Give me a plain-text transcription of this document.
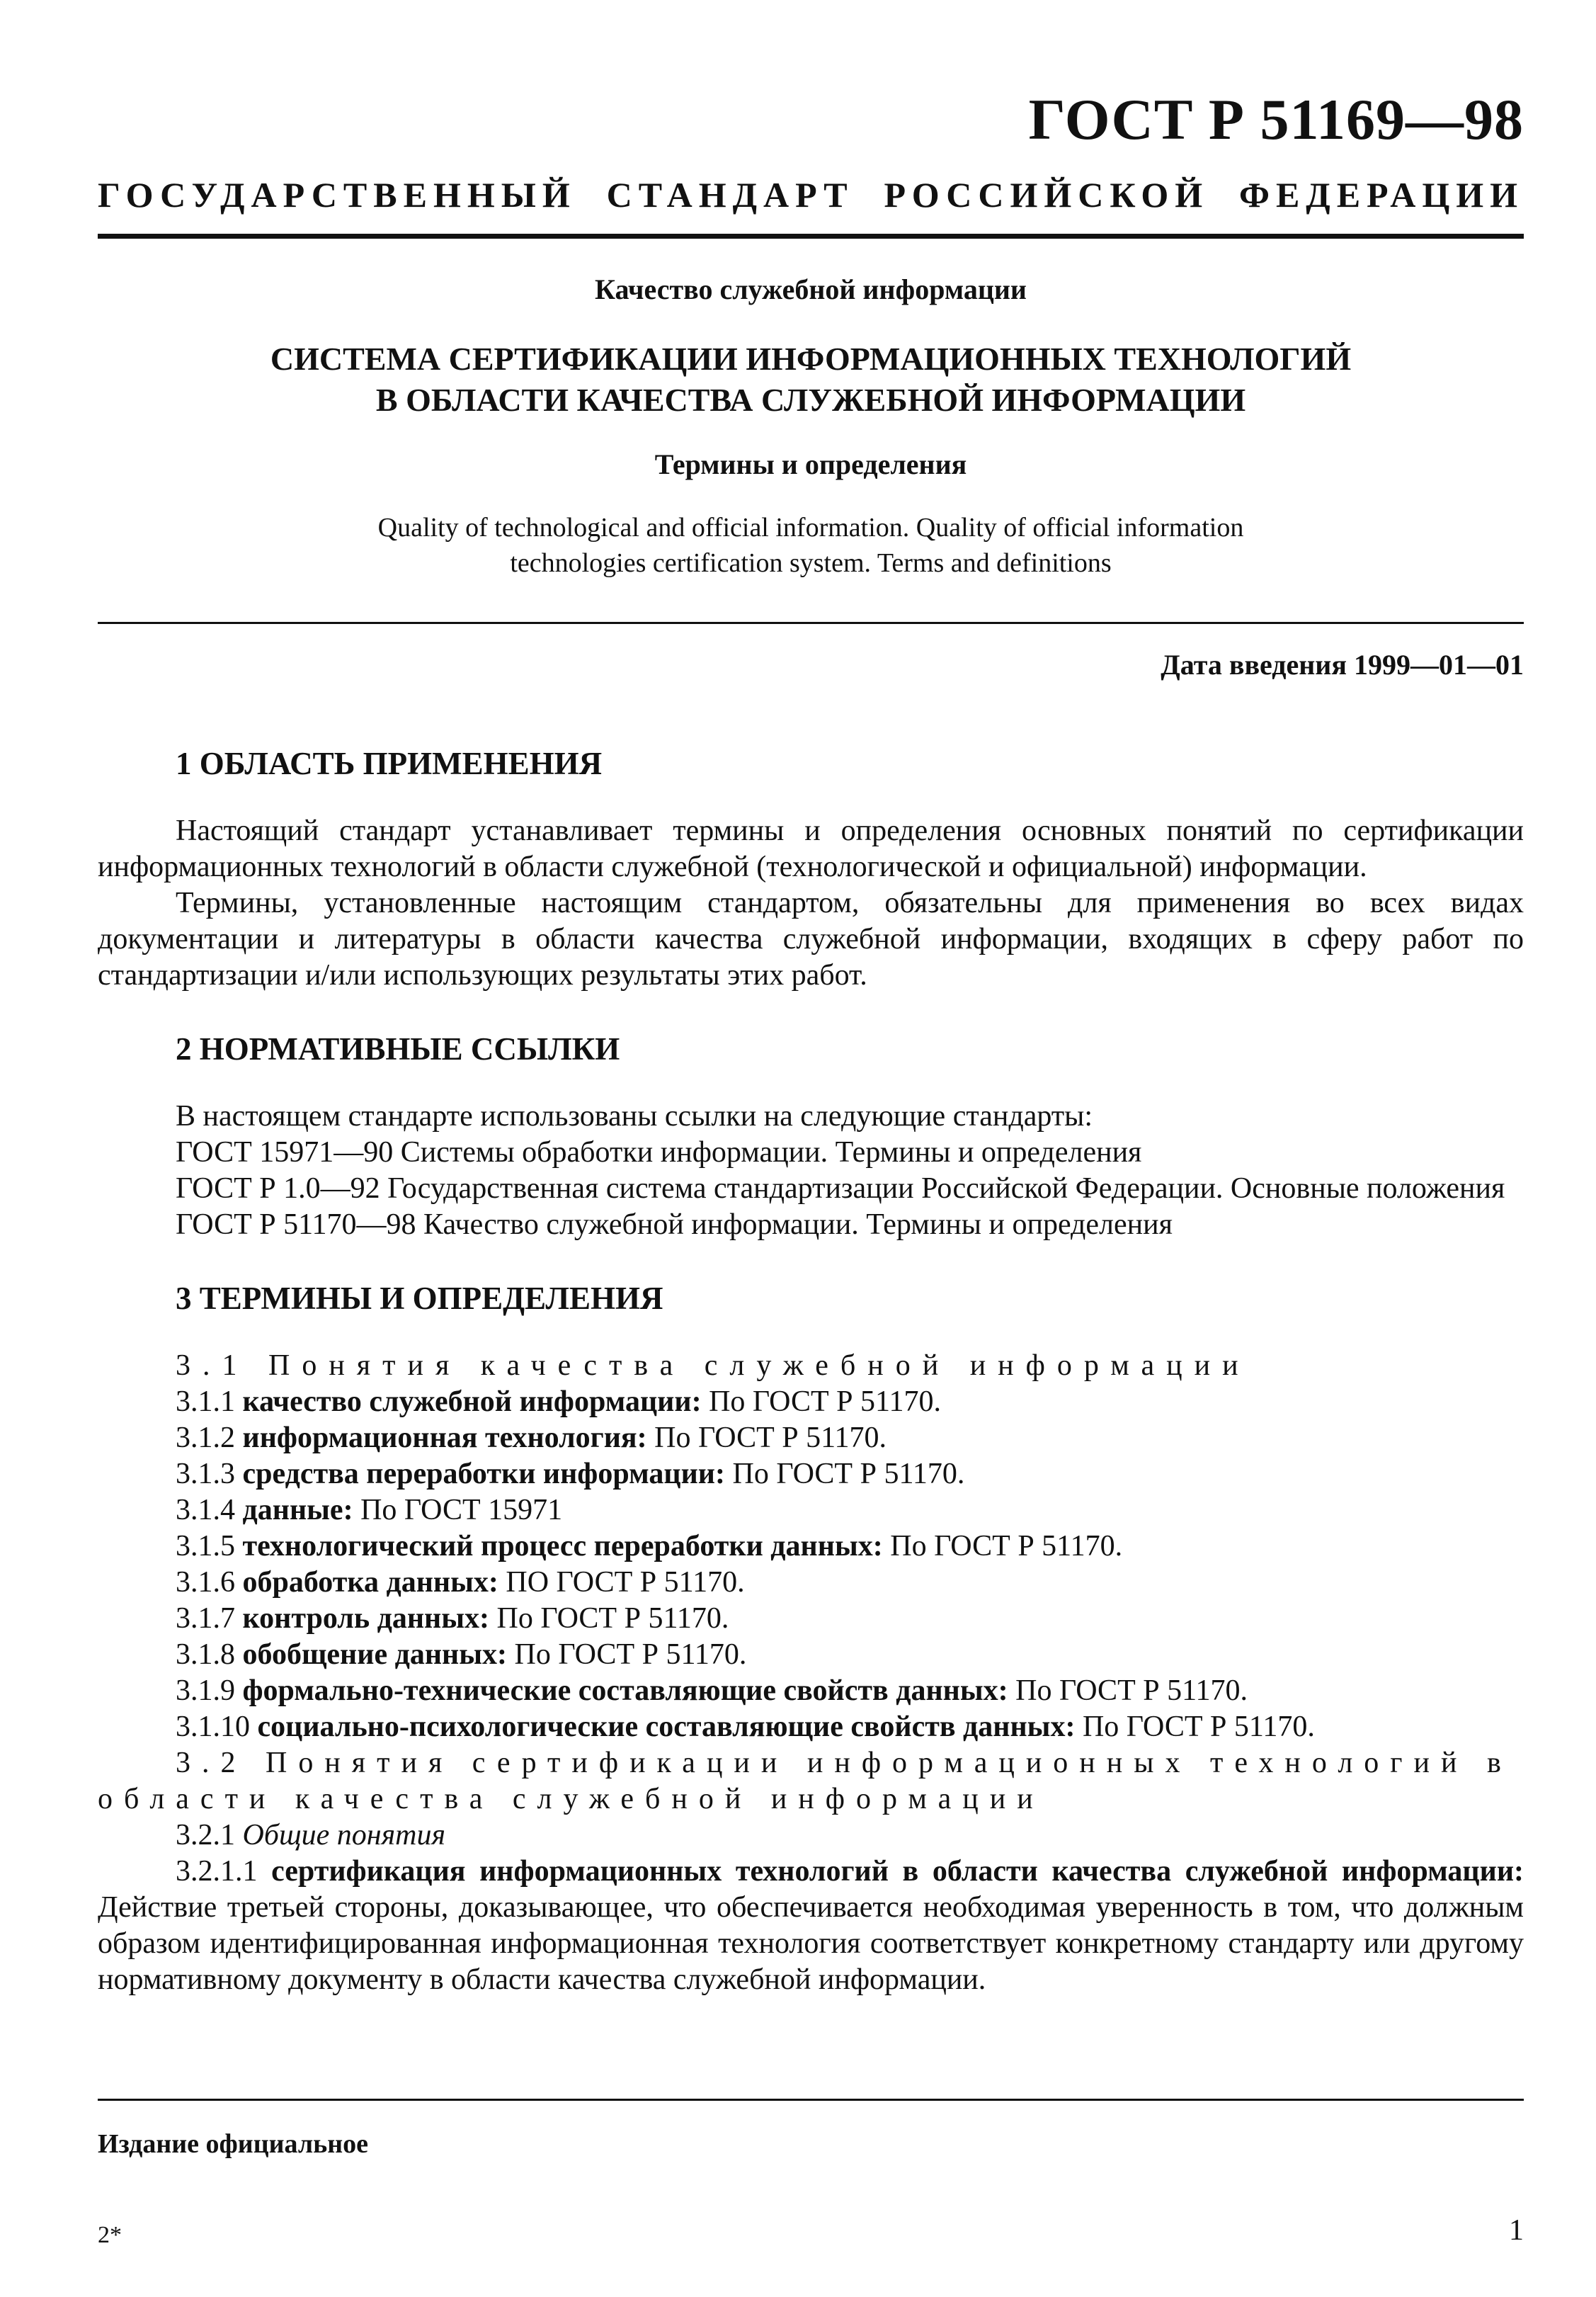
ГОСТ Р 51169—98
ГОСУДАРСТВЕННЫЙ СТАНДАРТ РОССИЙСКОЙ ФЕДЕРАЦИИ
Качество служебной информации
СИСТЕМА СЕРТИФИКАЦИИ ИНФОРМАЦИОННЫХ ТЕХНОЛОГИЙ
В ОБЛАСТИ КАЧЕСТВА СЛУЖЕБНОЙ ИНФОРМАЦИИ
Термины и определения
Quality of technological and official information. Quality of official information
technologies certification system. Terms and definitions
Дата введения 1999—01—01
1 ОБЛАСТЬ ПРИМЕНЕНИЯ

Настоящий стандарт устанавливает термины и определения основных понятий по сертификации информационных технологий в области служебной (технологической и официальной) информации.

Термины, установленные настоящим стандартом, обязательны для применения во всех видах документации и литературы в области качества служебной информации, входящих в сферу работ по стандартизации и/или использующих результаты этих работ.

2 НОРМАТИВНЫЕ ССЫЛКИ

В настоящем стандарте использованы ссылки на следующие стандарты:

ГОСТ 15971—90 Системы обработки информации. Термины и определения

ГОСТ Р 1.0—92 Государственная система стандартизации Российской Федерации. Основные положения

ГОСТ Р 51170—98 Качество служебной информации. Термины и определения

3 ТЕРМИНЫ И ОПРЕДЕЛЕНИЯ

3.1 Понятия качества служебной информации

3.1.1 качество служебной информации: По ГОСТ Р 51170.

3.1.2 информационная технология: По ГОСТ Р 51170.

3.1.3 средства переработки информации: По ГОСТ Р 51170.

3.1.4 данные: По ГОСТ 15971

3.1.5 технологический процесс переработки данных: По ГОСТ Р 51170.

3.1.6 обработка данных: ПО ГОСТ Р 51170.

3.1.7 контроль данных: По ГОСТ Р 51170.

3.1.8 обобщение данных: По ГОСТ Р 51170.

3.1.9 формально-технические составляющие свойств данных: По ГОСТ Р 51170.

3.1.10 социально-психологические составляющие свойств данных: По ГОСТ Р 51170.

3.2 Понятия сертификации информационных технологий в

области качества служебной информации

3.2.1 Общие понятия

3.2.1.1 сертификация информационных технологий в области качества служебной информации: Действие третьей стороны, доказывающее, что обеспечивается необходимая уверенность в том, что должным образом идентифицированная информационная технология соответствует конкретному стандарту или другому нормативному документу в области качества служебной информации.

Издание официальное
2*	1
